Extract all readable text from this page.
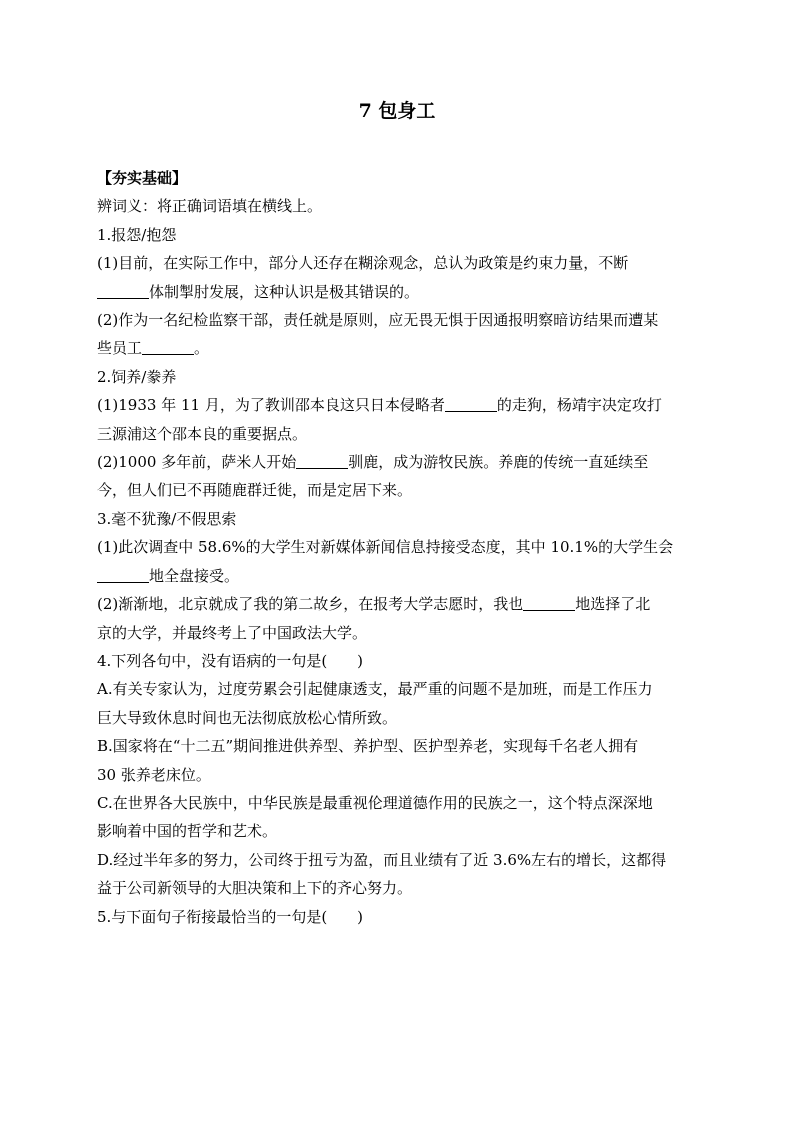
7 包身工

【夯实基础】

辨词义：将正确词语填在横线上。

1.报怨/抱怨

(1)目前，在实际工作中，部分人还存在糊涂观念，总认为政策是约束力量，不断

体制掣肘发展，这种认识是极其错误的。

(2)作为一名纪检监察干部，责任就是原则，应无畏无惧于因通报明察暗访结果而遭某

些员工	。

2.饲养/豢养

(1)1933 年 11 月，为了教训邵本良这只日本侵略者	的走狗，杨靖宇决定攻打

三源浦这个邵本良的重要据点。

(2)1000 多年前，萨米人开始	驯鹿，成为游牧民族。养鹿的传统一直延续至

今，但人们已不再随鹿群迁徙，而是定居下来。

3.毫不犹豫/不假思索

(1)此次调查中 58.6%的大学生对新媒体新闻信息持接受态度，其中 10.1%的大学生会

地全盘接受。

(2)渐渐地，北京就成了我的第二故乡，在报考大学志愿时，我也	地选择了北

京的大学，并最终考上了中国政法大学。

4.下列各句中，没有语病的一句是( )

A.有关专家认为，过度劳累会引起健康透支，最严重的问题不是加班，而是工作压力

巨大导致休息时间也无法彻底放松心情所致。

B.国家将在“十二五”期间推进供养型、养护型、医护型养老，实现每千名老人拥有

30 张养老床位。

C.在世界各大民族中，中华民族是最重视伦理道德作用的民族之一，这个特点深深地

影响着中国的哲学和艺术。

D.经过半年多的努力，公司终于扭亏为盈，而且业绩有了近 3.6%左右的增长，这都得

益于公司新领导的大胆决策和上下的齐心努力。

5.与下面句子衔接最恰当的一句是( )
